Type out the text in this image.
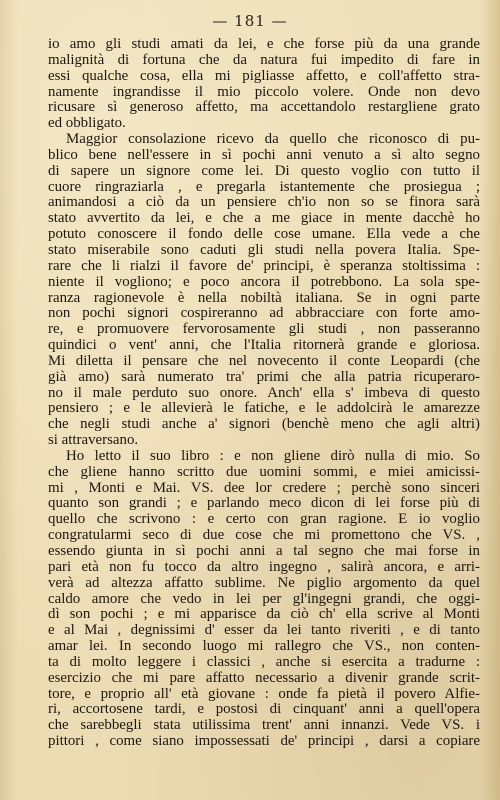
— 181 —
io amo gli studi amati da lei, e che forse più da una grande
malignità di fortuna che da natura fui impedito di fare in
essi qualche cosa, ella mi pigliasse affetto, e coll'affetto stra-
namente ingrandisse il mio piccolo volere. Onde non devo
ricusare sì generoso affetto, ma accettandolo restargliene grato
ed obbligato.
Maggior consolazione ricevo da quello che riconosco di pu-
blico bene nell'essere in sì pochi anni venuto a sì alto segno
di sapere un signore come lei. Di questo voglio con tutto il
cuore ringraziarla , e pregarla istantemente che prosiegua ;
animandosi a ciò da un pensiere ch'io non so se finora sarà
stato avvertito da lei, e che a me giace in mente dacchè ho
potuto conoscere il fondo delle cose umane. Ella vede a che
stato miserabile sono caduti gli studi nella povera Italia. Spe-
rare che li rialzi il favore de' principi, è speranza stoltissima :
niente il vogliono; e poco ancora il potrebbono. La sola spe-
ranza ragionevole è nella nobiltà italiana. Se in ogni parte
non pochi signori cospireranno ad abbracciare con forte amo-
re, e promuovere fervorosamente gli studi , non passeranno
quindici o vent' anni, che l'Italia ritornerà grande e gloriosa.
Mi diletta il pensare che nel novecento il conte Leopardi (che
già amo) sarà numerato tra' primi che alla patria ricuperaro-
no il male perduto suo onore. Anch' ella s' imbeva di questo
pensiero ; e le allevierà le fatiche, e le addolcirà le amarezze
che negli studi anche a' signori (benchè meno che agli altri)
si attraversano.
Ho letto il suo libro : e non gliene dirò nulla di mio. So
che gliene hanno scritto due uomini sommi, e miei amicissi-
mi , Monti e Mai. VS. dee lor credere ; perchè sono sinceri
quanto son grandi ; e parlando meco dicon di lei forse più di
quello che scrivono : e certo con gran ragione. E io voglio
congratularmi seco di due cose che mi promettono che VS. ,
essendo giunta in sì pochi anni a tal segno che mai forse in
pari età non fu tocco da altro ingegno , salirà ancora, e arri-
verà ad altezza affatto sublime. Ne piglio argomento da quel
caldo amore che vedo in lei per gl'ingegni grandi, che oggi-
dì son pochi ; e mi apparisce da ciò ch' ella scrive al Monti
e al Mai , degnissimi d' esser da lei tanto riveriti , e di tanto
amar lei. In secondo luogo mi rallegro che VS., non conten-
ta di molto leggere i classici , anche si esercita a tradurne :
esercizio che mi pare affatto necessario a divenir grande scrit-
tore, e proprio all' età giovane : onde fa pietà il povero Alfie-
ri, accortosene tardi, e postosi di cinquant' anni a quell'opera
che sarebbegli stata utilissima trent' anni innanzi. Vede VS. i
pittori , come siano impossessati de' principi , darsi a copiare
